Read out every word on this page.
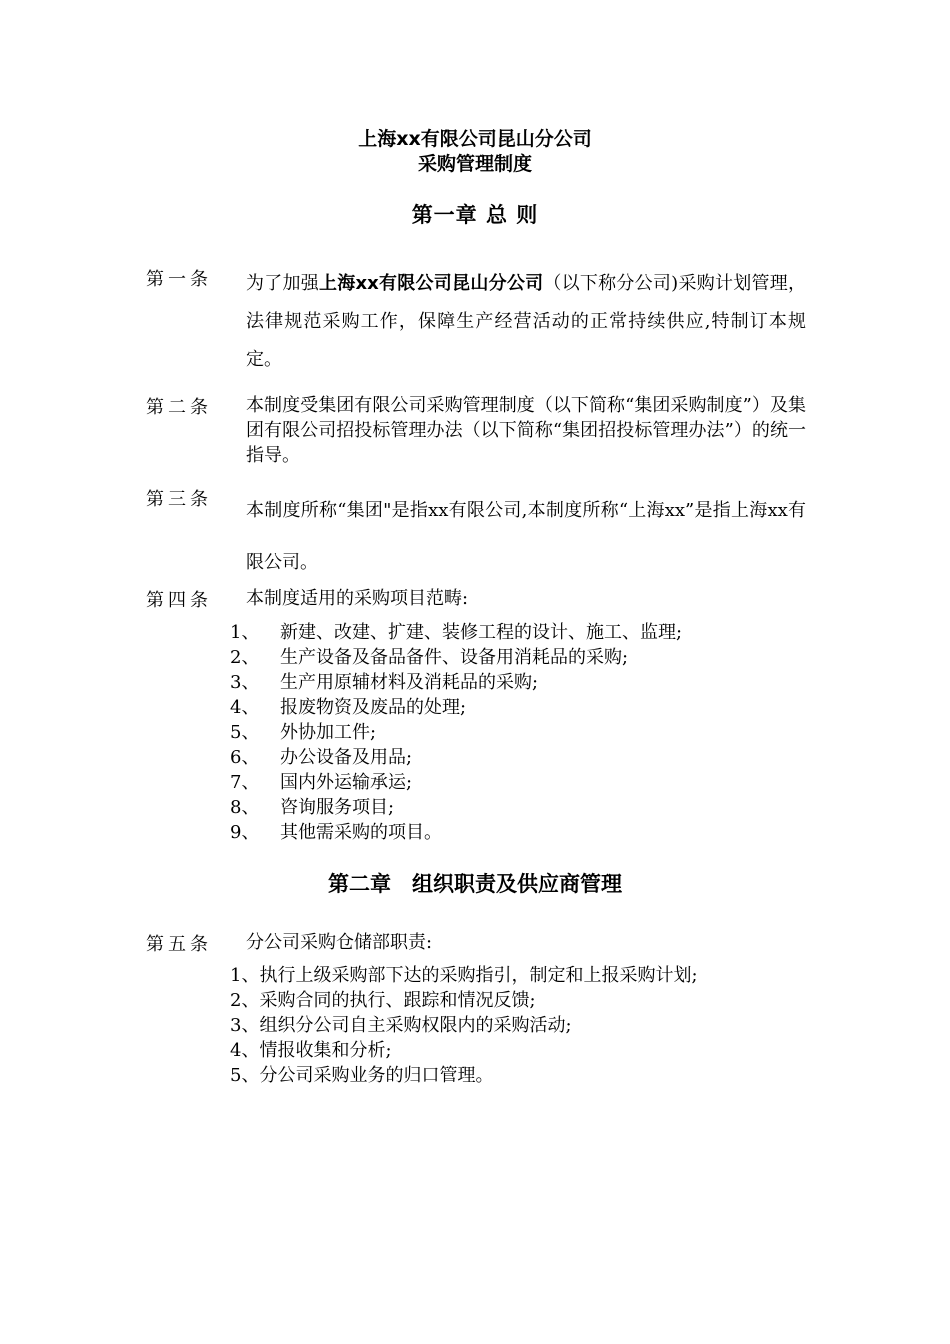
上海xx有限公司昆山分公司
采购管理制度
第一章 总 则
第一条 为了加强上海xx有限公司昆山分公司（以下称分公司)采购计划管理，法律规范采购工作，保障生产经营活动的正常持续供应,特制订本规定。
第二条 本制度受集团有限公司采购管理制度（以下简称“集团采购制度”）及集团有限公司招投标管理办法（以下简称“集团招投标管理办法”）的统一指导。
第三条
本制度所称“集团"是指xx有限公司,本制度所称“上海xx”是指上海xx有限公司。
第四条 本制度适用的采购项目范畴:
1、	新建、改建、扩建、装修工程的设计、施工、监理;
2、	生产设备及备品备件、设备用消耗品的采购;
3、	生产用原辅材料及消耗品的采购;
4、	报废物资及废品的处理;
5、	外协加工件;
6、	办公设备及用品;
7、	国内外运输承运;
8、	咨询服务项目;
9、	其他需采购的项目。
第二章　组织职责及供应商管理
第五条 分公司采购仓储部职责:
1、执行上级采购部下达的采购指引，制定和上报采购计划;
2、采购合同的执行、跟踪和情况反馈;
3、组织分公司自主采购权限内的采购活动;
4、情报收集和分析;
5、分公司采购业务的归口管理。
